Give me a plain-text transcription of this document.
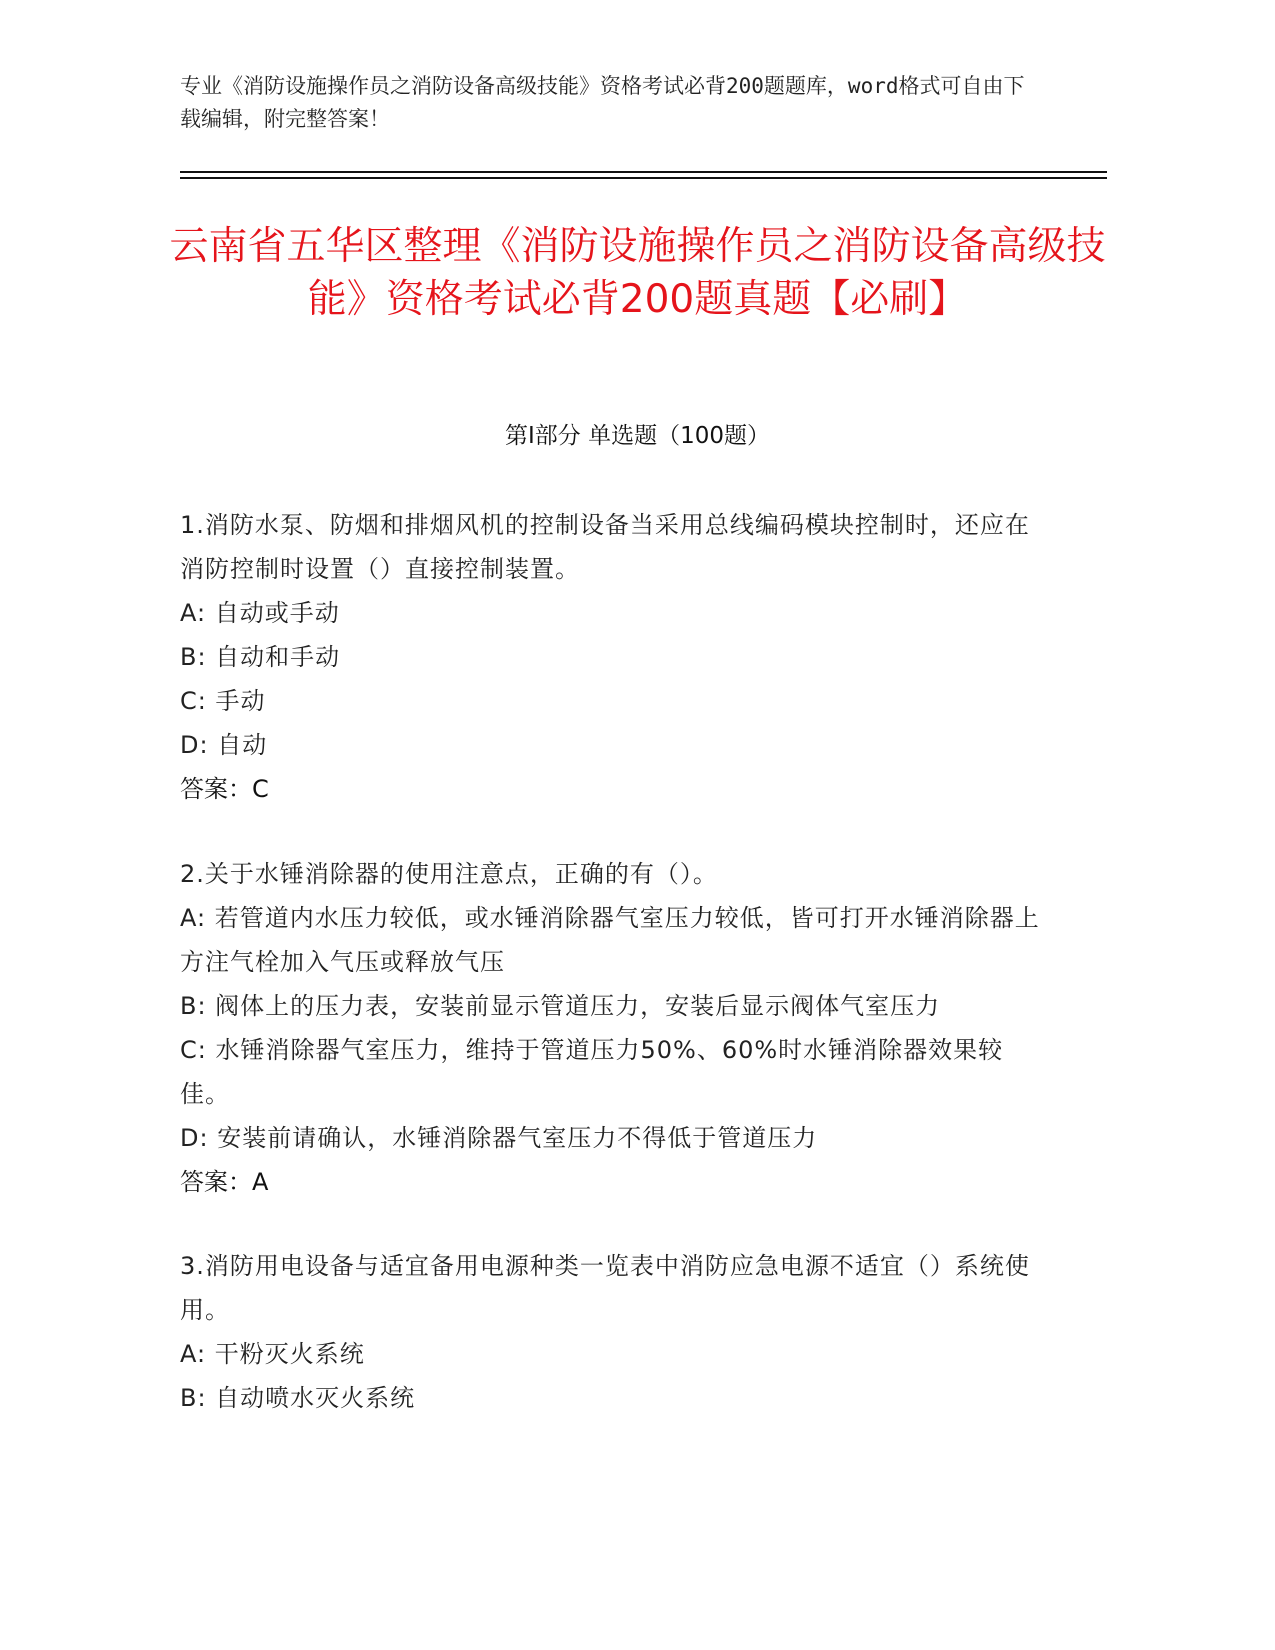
专业《消防设施操作员之消防设备高级技能》资格考试必背200题题库，word格式可自由下载编辑，附完整答案！
云南省五华区整理《消防设施操作员之消防设备高级技能》资格考试必背200题真题【必刷】
第Ⅰ部分 单选题（100题）
1.消防水泵、防烟和排烟风机的控制设备当采用总线编码模块控制时，还应在消防控制时设置（）直接控制装置。
A: 自动或手动
B: 自动和手动
C: 手动
D: 自动
答案：C
2.关于水锤消除器的使用注意点，正确的有（）。
A: 若管道内水压力较低，或水锤消除器气室压力较低，皆可打开水锤消除器上方注气栓加入气压或释放气压
B: 阀体上的压力表，安装前显示管道压力，安装后显示阀体气室压力
C: 水锤消除器气室压力，维持于管道压力50%、60%时水锤消除器效果较佳。
D: 安装前请确认，水锤消除器气室压力不得低于管道压力
答案：A
3.消防用电设备与适宜备用电源种类一览表中消防应急电源不适宜（）系统使用。
A: 干粉灭火系统
B: 自动喷水灭火系统
